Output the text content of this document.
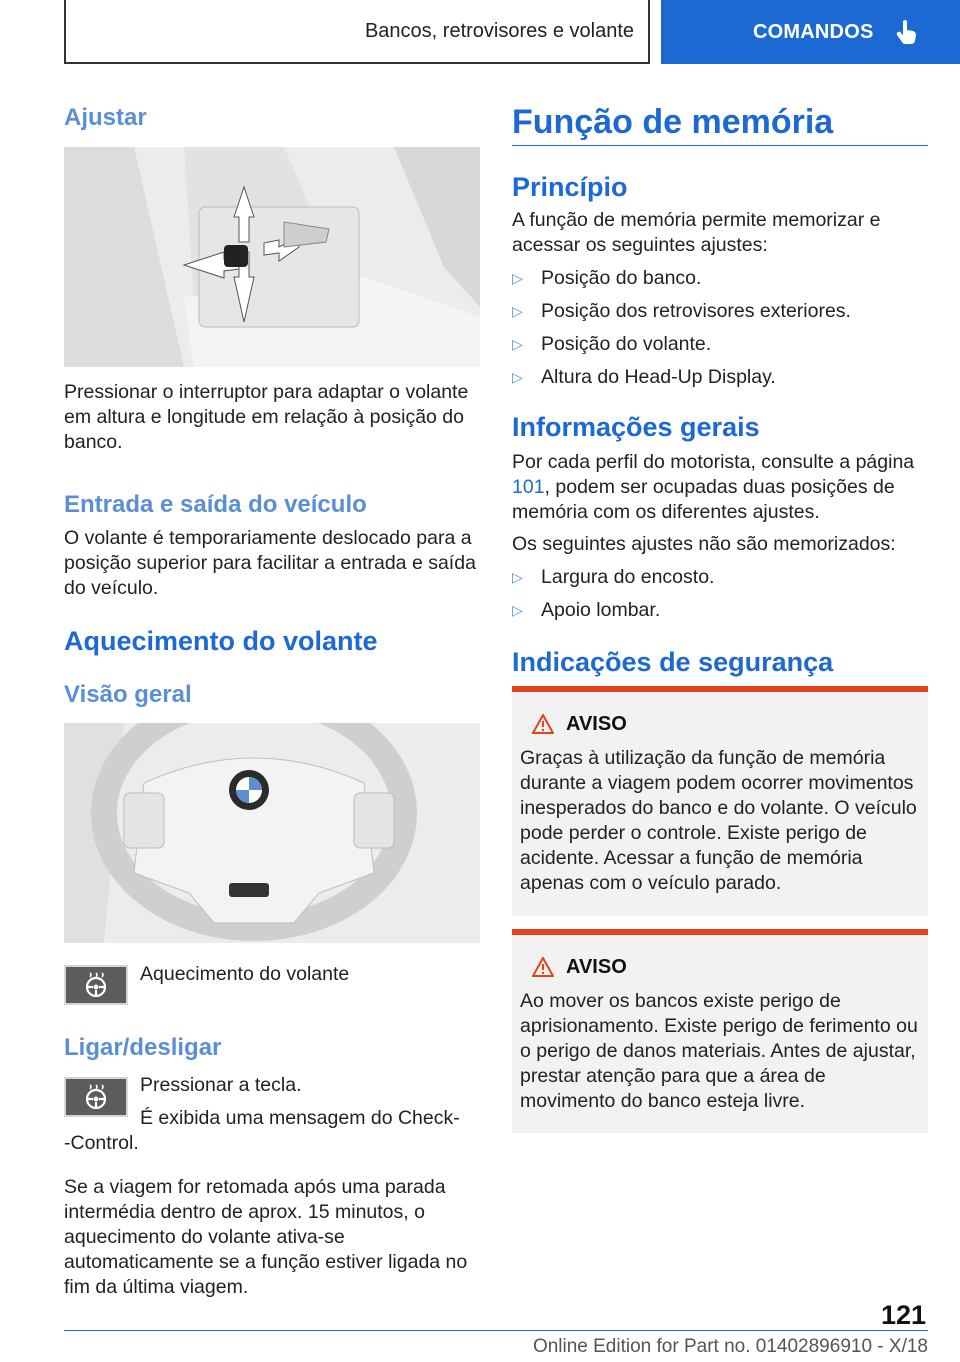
Bancos, retrovisores e volante	COMANDOS
Ajustar

Pressionar o interruptor para adaptar o volante em altura e longitude em relação à posição do banco.

Entrada e saída do veículo

O volante é temporariamente deslocado para a posição superior para facilitar a entrada e saída do veículo.

Aquecimento do volante
Visão geral

Aquecimento do volante

Ligar/desligar

Pressionar a tecla.

É exibida uma mensagem do Check-

-Control.

Se a viagem for retomada após uma parada intermédia dentro de aprox. 15 minutos, o aquecimento do volante ativa-se automaticamente se a função estiver ligada no fim da última viagem.

Função de memória
Princípio

A função de memória permite memorizar e acessar os seguintes ajustes:

▷ Posição do banco.
▷ Posição dos retrovisores exteriores.
▷ Posição do volante.
▷ Altura do Head-Up Display.
Informações gerais

Por cada perfil do motorista, consulte a página 101, podem ser ocupadas duas posições de memória com os diferentes ajustes.

Os seguintes ajustes não são memorizados:

▷ Largura do encosto.
▷ Apoio lombar.
Indicações de segurança
AVISO

Graças à utilização da função de memória durante a viagem podem ocorrer movimentos inesperados do banco e do volante. O veículo pode perder o controle. Existe perigo de acidente. Acessar a função de memória apenas com o veículo parado.

AVISO

Ao mover os bancos existe perigo de aprisionamento. Existe perigo de ferimento ou o perigo de danos materiais. Antes de ajustar, prestar atenção para que a área de movimento do banco esteja livre.

121
Online Edition for Part no. 01402896910 - X/18
